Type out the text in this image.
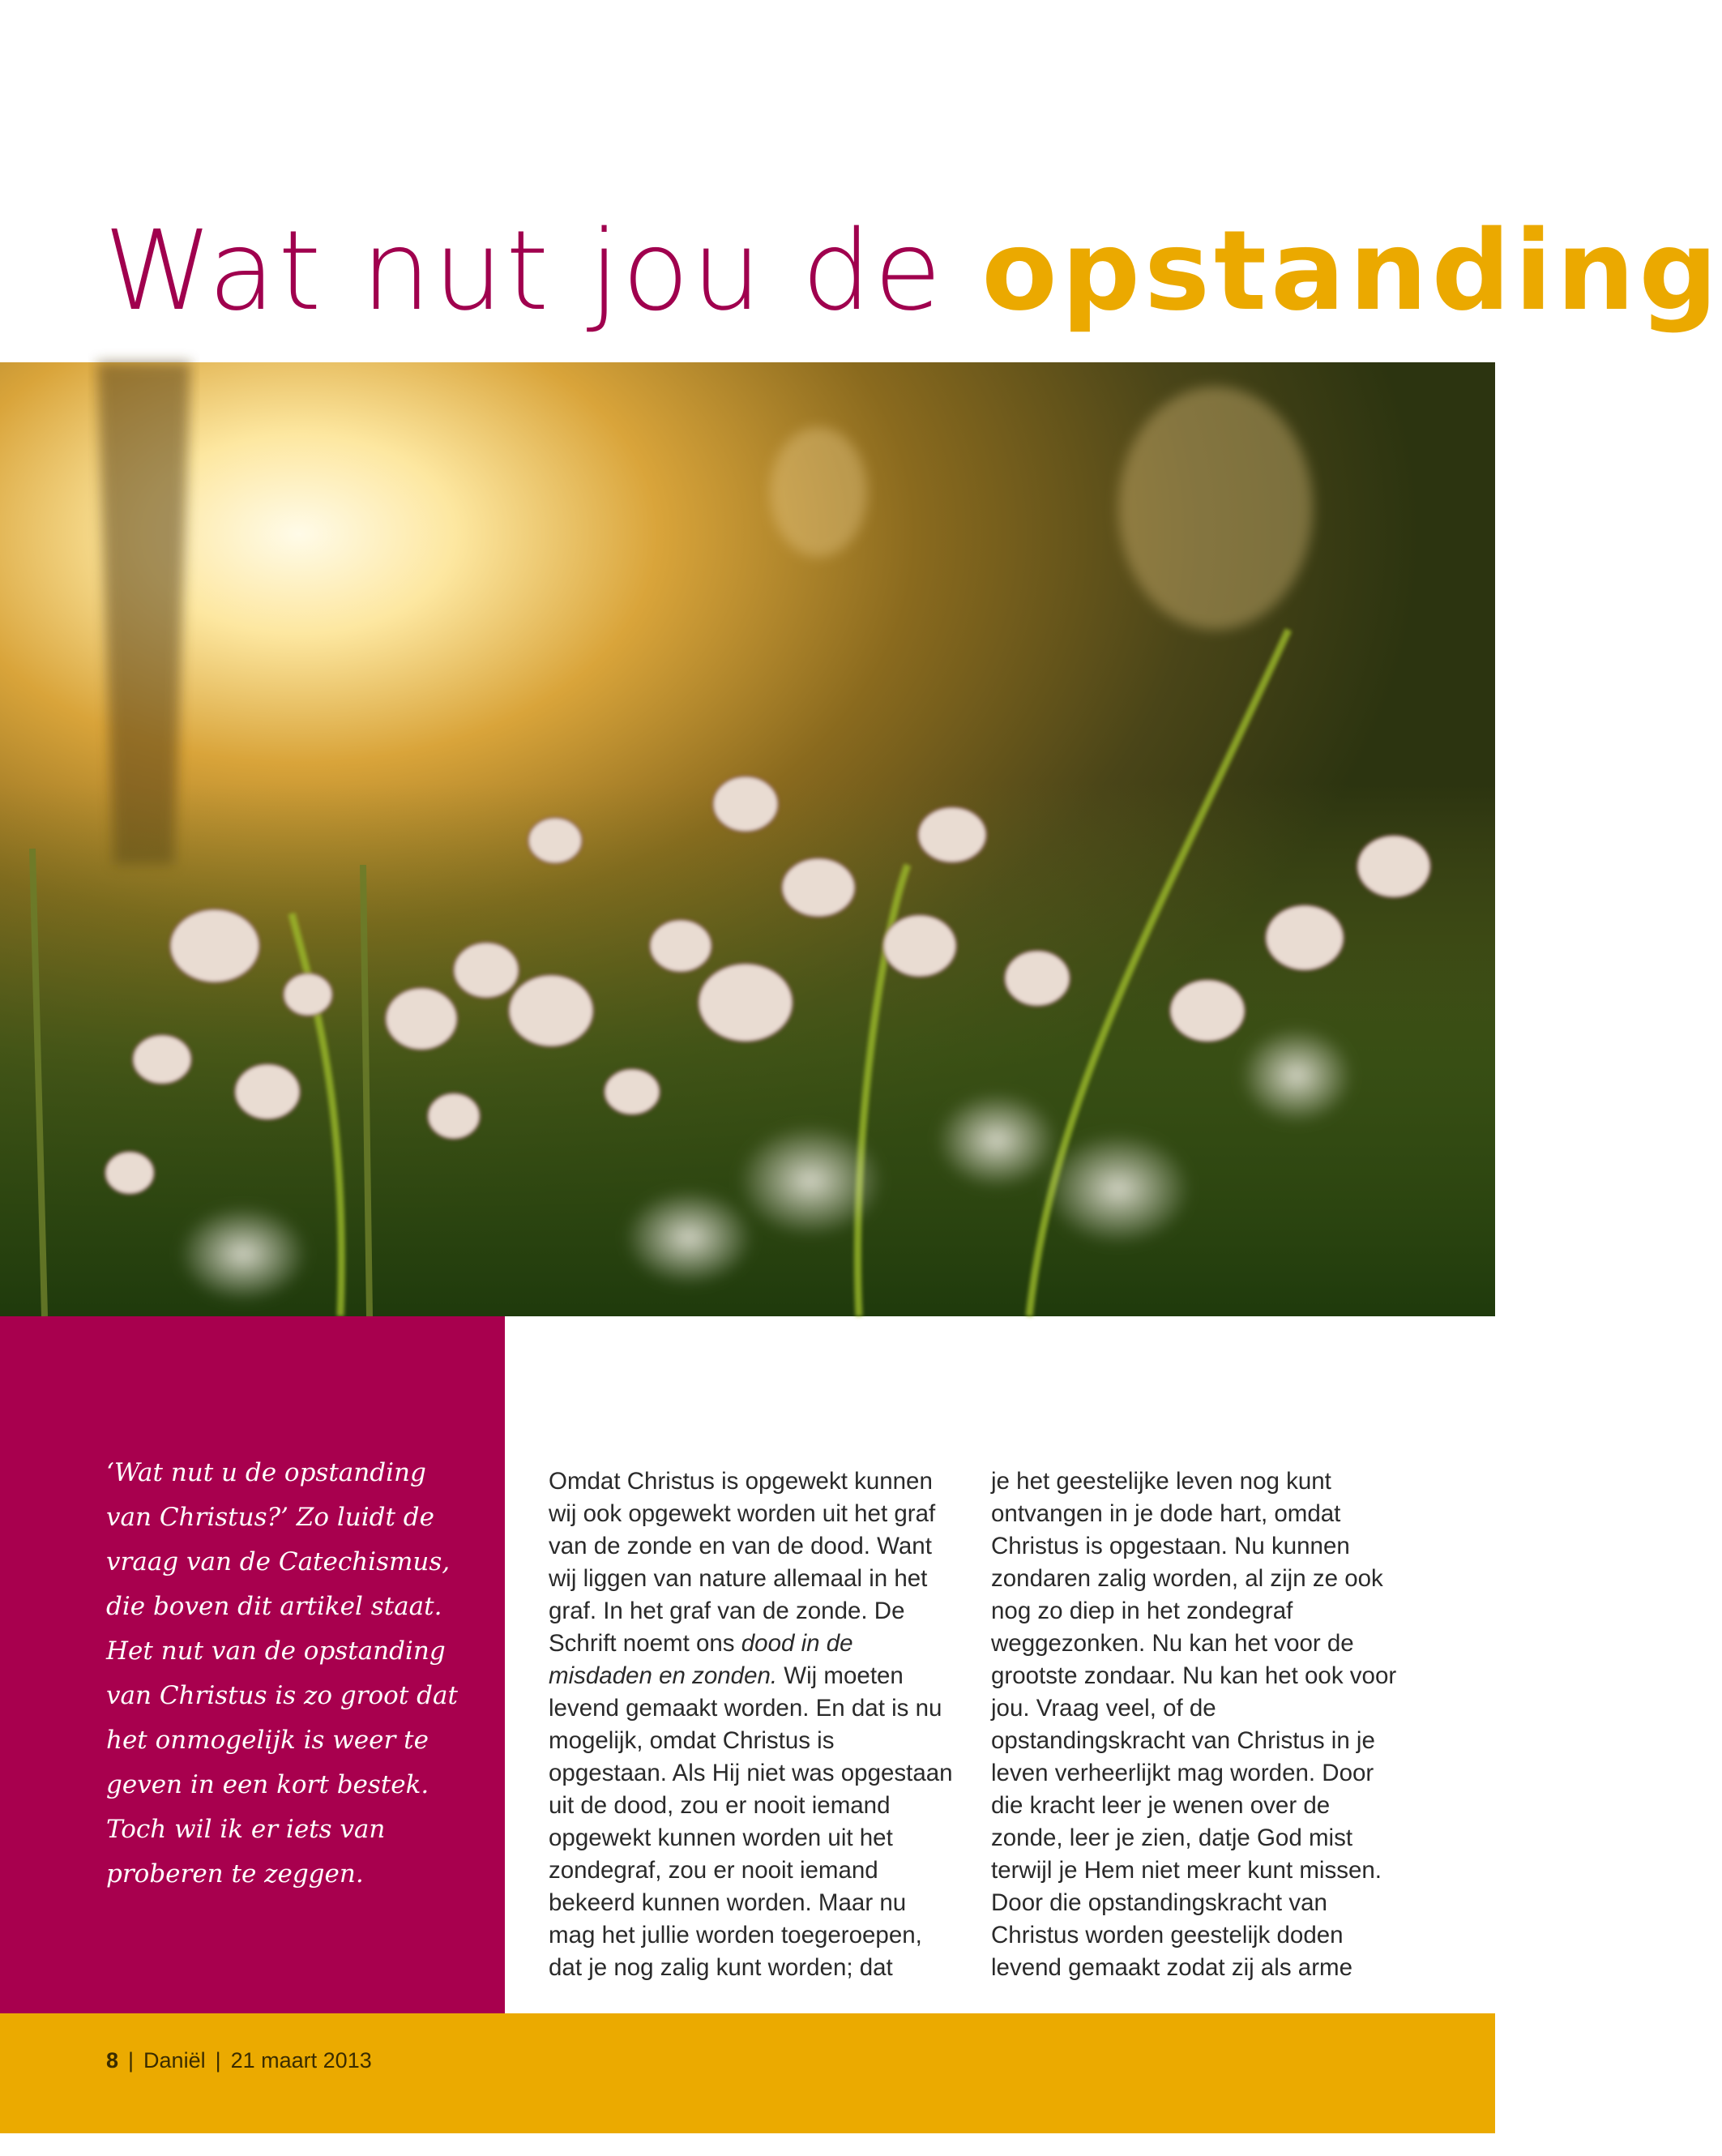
Wat nut jou de opstanding

‘Wat nut u de opstanding van Christus?’ Zo luidt de vraag van de Catechismus, die boven dit artikel staat. Het nut van de opstanding van Christus is zo groot dat het onmogelijk is weer te geven in een kort bestek. Toch wil ik er iets van proberen te zeggen.

Omdat Christus is opgewekt kunnen wij ook opgewekt worden uit het graf van de zonde en van de dood. Want wij liggen van nature allemaal in het graf. In het graf van de zonde. De Schrift noemt ons dood in de misdaden en zonden. Wij moeten levend gemaakt worden. En dat is nu mogelijk, omdat Christus is opgestaan. Als Hij niet was opgestaan uit de dood, zou er nooit iemand opgewekt kunnen worden uit het zondegraf, zou er nooit iemand bekeerd kunnen worden. Maar nu mag het jullie worden toegeroepen, dat je nog zalig kunt worden; dat

je het geestelijke leven nog kunt ontvangen in je dode hart, omdat Christus is opgestaan. Nu kunnen zondaren zalig worden, al zijn ze ook nog zo diep in het zondegraf weggezonken. Nu kan het voor de grootste zondaar. Nu kan het ook voor jou. Vraag veel, of de opstandingskracht van Christus in je leven verheerlijkt mag worden. Door die kracht leer je wenen over de zonde, leer je zien, datje God mist terwijl je Hem niet meer kunt missen. Door die opstandingskracht van Christus worden geestelijk doden levend gemaakt zodat zij als arme

8 | Daniël | 21 maart 2013
